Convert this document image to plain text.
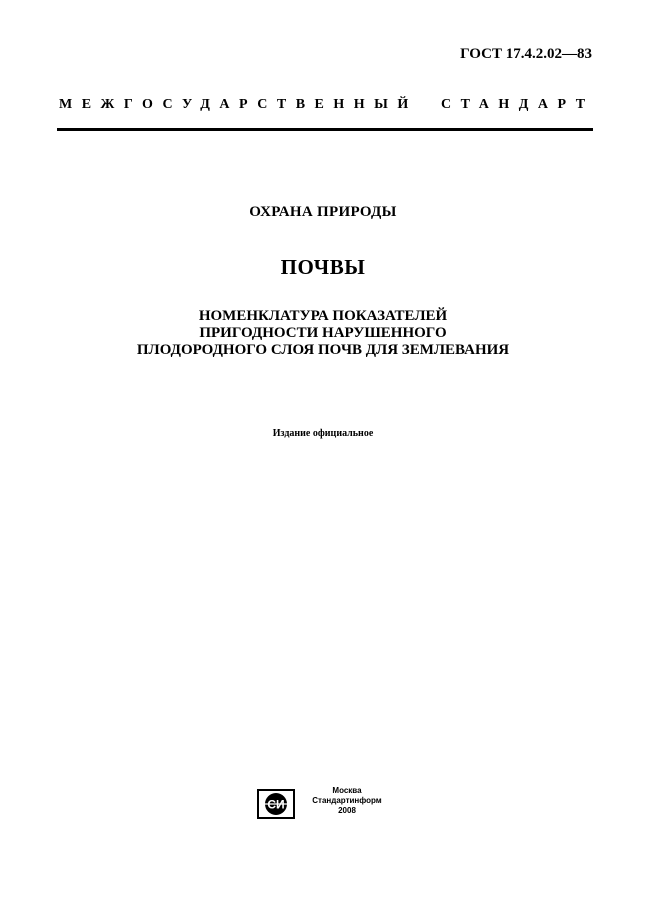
ГОСТ 17.4.2.02—83
МЕЖГОСУДАРСТВЕННЫЙ СТАНДАРТ
ОХРАНА ПРИРОДЫ
ПОЧВЫ
НОМЕНКЛАТУРА ПОКАЗАТЕЛЕЙ
ПРИГОДНОСТИ НАРУШЕННОГО
ПЛОДОРОДНОГО СЛОЯ ПОЧВ ДЛЯ ЗЕМЛЕВАНИЯ
Издание официальное
СИ
Москва
Стандартинформ
2008
